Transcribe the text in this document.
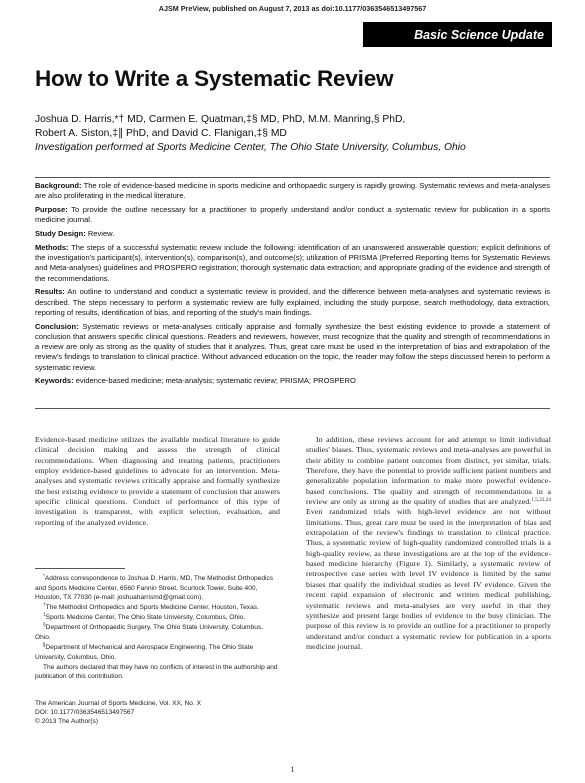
AJSM PreView, published on August 7, 2013 as doi:10.1177/0363546513497567
Basic Science Update
How to Write a Systematic Review
Joshua D. Harris,*† MD, Carmen E. Quatman,‡§ MD, PhD, M.M. Manring,§ PhD,
Robert A. Siston,‡∥ PhD, and David C. Flanigan,‡§ MD
Investigation performed at Sports Medicine Center, The Ohio State University, Columbus, Ohio

Background: The role of evidence-based medicine in sports medicine and orthopaedic surgery is rapidly growing. Systematic reviews and meta-analyses are also proliferating in the medical literature.

Purpose: To provide the outline necessary for a practitioner to properly understand and/or conduct a systematic review for publication in a sports medicine journal.

Study Design: Review.

Methods: The steps of a successful systematic review include the following: identification of an unanswered answerable question; explicit definitions of the investigation's participant(s), intervention(s), comparison(s), and outcome(s); utilization of PRISMA (Preferred Reporting Items for Systematic Reviews and Meta-analyses) guidelines and PROSPERO registration; thorough systematic data extraction; and appropriate grading of the evidence and strength of the recommendations.

Results: An outline to understand and conduct a systematic review is provided, and the difference between meta-analyses and systematic reviews is described. The steps necessary to perform a systematic review are fully explained, including the study purpose, search methodology, data extraction, reporting of results, identification of bias, and reporting of the study's main findings.

Conclusion: Systematic reviews or meta-analyses critically appraise and formally synthesize the best existing evidence to provide a statement of conclusion that answers specific clinical questions. Readers and reviewers, however, must recognize that the quality and strength of recommendations in a review are only as strong as the quality of studies that it analyzes. Thus, great care must be used in the interpretation of bias and extrapolation of the review's findings to translation to clinical practice. Without advanced education on the topic, the reader may follow the steps discussed herein to perform a systematic review.

Keywords: evidence-based medicine; meta-analysis; systematic review; PRISMA; PROSPERO

Evidence-based medicine utilizes the available medical literature to guide clinical decision making and assess the strength of clinical recommendations. When diagnosing and treating patients, practitioners employ evidence-based guidelines to advocate for an intervention. Meta-analyses and systematic reviews critically appraise and formally synthesize the best existing evidence to provide a statement of conclusion that answers specific clinical questions. Conduct of performance of this type of investigation is transparent, with explicit selection, evaluation, and reporting of the analyzed evidence.

*Address correspondence to Joshua D. Harris, MD, The Methodist Orthopedics and Sports Medicine Center, 6560 Fannin Street, Scurlock Tower, Suite 400, Houston, TX 77030 (e-mail: joshuaharrismd@gmail.com).

†The Methodist Orthopedics and Sports Medicine Center, Houston, Texas.

‡Sports Medicine Center, The Ohio State University, Columbus, Ohio.

§Department of Orthopaedic Surgery, The Ohio State University, Columbus, Ohio.

∥Department of Mechanical and Aerospace Engineering, The Ohio State University, Columbus, Ohio.

The authors declared that they have no conflicts of interest in the authorship and publication of this contribution.

The American Journal of Sports Medicine, Vol. XX, No. X
DOI: 10.1177/0363546513497567
© 2013 The Author(s)

In addition, these reviews account for and attempt to limit individual studies' biases. Thus, systematic reviews and meta-analyses are powerful in their ability to combine patient outcomes from distinct, yet similar, trials. Therefore, they have the potential to provide sufficient patient numbers and generalizable population information to make more powerful evidence-based conclusions. The quality and strength of recommendations in a review are only as strong as the quality of studies that are analyzed.$^{1,5,22,24}$ Even randomized trials with high-level evidence are not without limitations. Thus, great care must be used in the interpretation of bias and extrapolation of the review's findings to translation to clinical practice. Thus, a systematic review of high-quality randomized controlled trials is a high-quality review, as these investigations are at the top of the evidence-based medicine hierarchy (Figure 1). Similarly, a systematic review of retrospective case series with level IV evidence is limited by the same biases that qualify the individual studies as level IV evidence. Given the recent rapid expansion of electronic and written medical publishing, systematic reviews and meta-analyses are very useful in that they synthesize and present large bodies of evidence to the busy clinician. The purpose of this review is to provide an outline for a practitioner to properly understand and/or conduct a systematic review for publication in a sports medicine journal.

1
